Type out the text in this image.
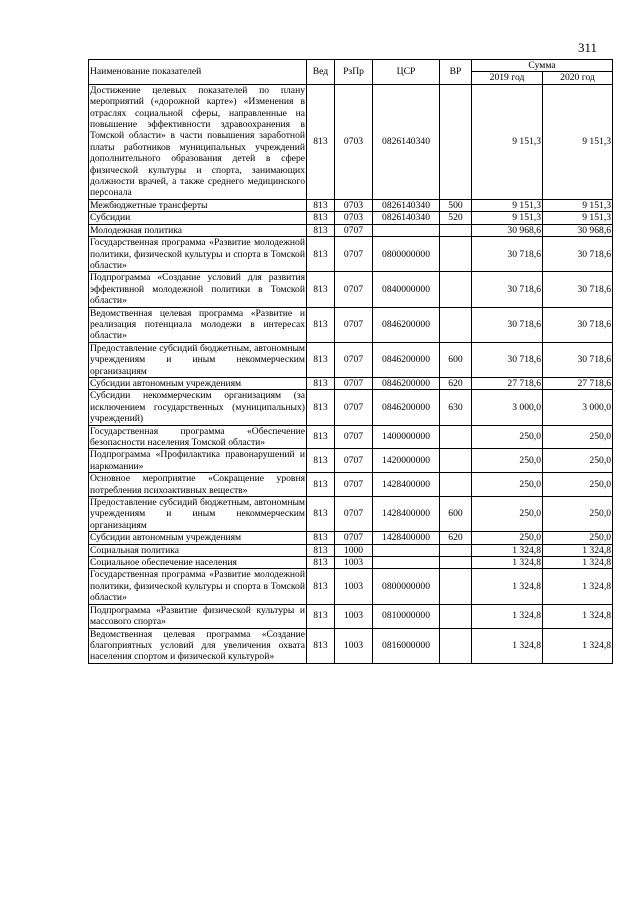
311
Наименование показателей	Вед	РзПр	ЦСР	ВР	Сумма	
					2019 год	2020 год
Достижение целевых показателей по плану мероприятий («дорожной карте») «Изменения в отраслях социальной сферы, направленные на повышение эффективности здравоохранения в Томской области» в части повышения заработной платы работников муниципальных учреждений дополнительного образования детей в сфере физической культуры и спорта, занимающих должности врачей, а также среднего медицинского персонала	813	0703	0826140340		9 151,3	9 151,3
Межбюджетные трансферты	813	0703	0826140340	500	9 151,3	9 151,3
Субсидии	813	0703	0826140340	520	9 151,3	9 151,3
Молодежная политика	813	0707			30 968,6	30 968,6
Государственная программа «Развитие молодежной политики, физической культуры и спорта в Томской области»	813	0707	0800000000		30 718,6	30 718,6
Подпрограмма «Создание условий для развития эффективной молодежной политики в Томской области»	813	0707	0840000000		30 718,6	30 718,6
Ведомственная целевая программа «Развитие и реализация потенциала молодежи в интересах области»	813	0707	0846200000		30 718,6	30 718,6
Предоставление субсидий бюджетным, автономным учреждениям и иным некоммерческим организациям	813	0707	0846200000	600	30 718,6	30 718,6
Субсидии автономным учреждениям	813	0707	0846200000	620	27 718,6	27 718,6
Субсидии некоммерческим организациям (за исключением государственных (муниципальных) учреждений)	813	0707	0846200000	630	3 000,0	3 000,0
Государственная программа «Обеспечение безопасности населения Томской области»	813	0707	1400000000		250,0	250,0
Подпрограмма «Профилактика правонарушений и наркомании»	813	0707	1420000000		250,0	250,0
Основное мероприятие «Сокращение уровня потребления психоактивных веществ»	813	0707	1428400000		250,0	250,0
Предоставление субсидий бюджетным, автономным учреждениям и иным некоммерческим организациям	813	0707	1428400000	600	250,0	250,0
Субсидии автономным учреждениям	813	0707	1428400000	620	250,0	250,0
Социальная политика	813	1000			1 324,8	1 324,8
Социальное обеспечение населения	813	1003			1 324,8	1 324,8
Государственная программа «Развитие молодежной политики, физической культуры и спорта в Томской области»	813	1003	0800000000		1 324,8	1 324,8
Подпрограмма «Развитие физической культуры и массового спорта»	813	1003	0810000000		1 324,8	1 324,8
Ведомственная целевая программа «Создание благоприятных условий для увеличения охвата населения спортом и физической культурой»	813	1003	0816000000		1 324,8	1 324,8
